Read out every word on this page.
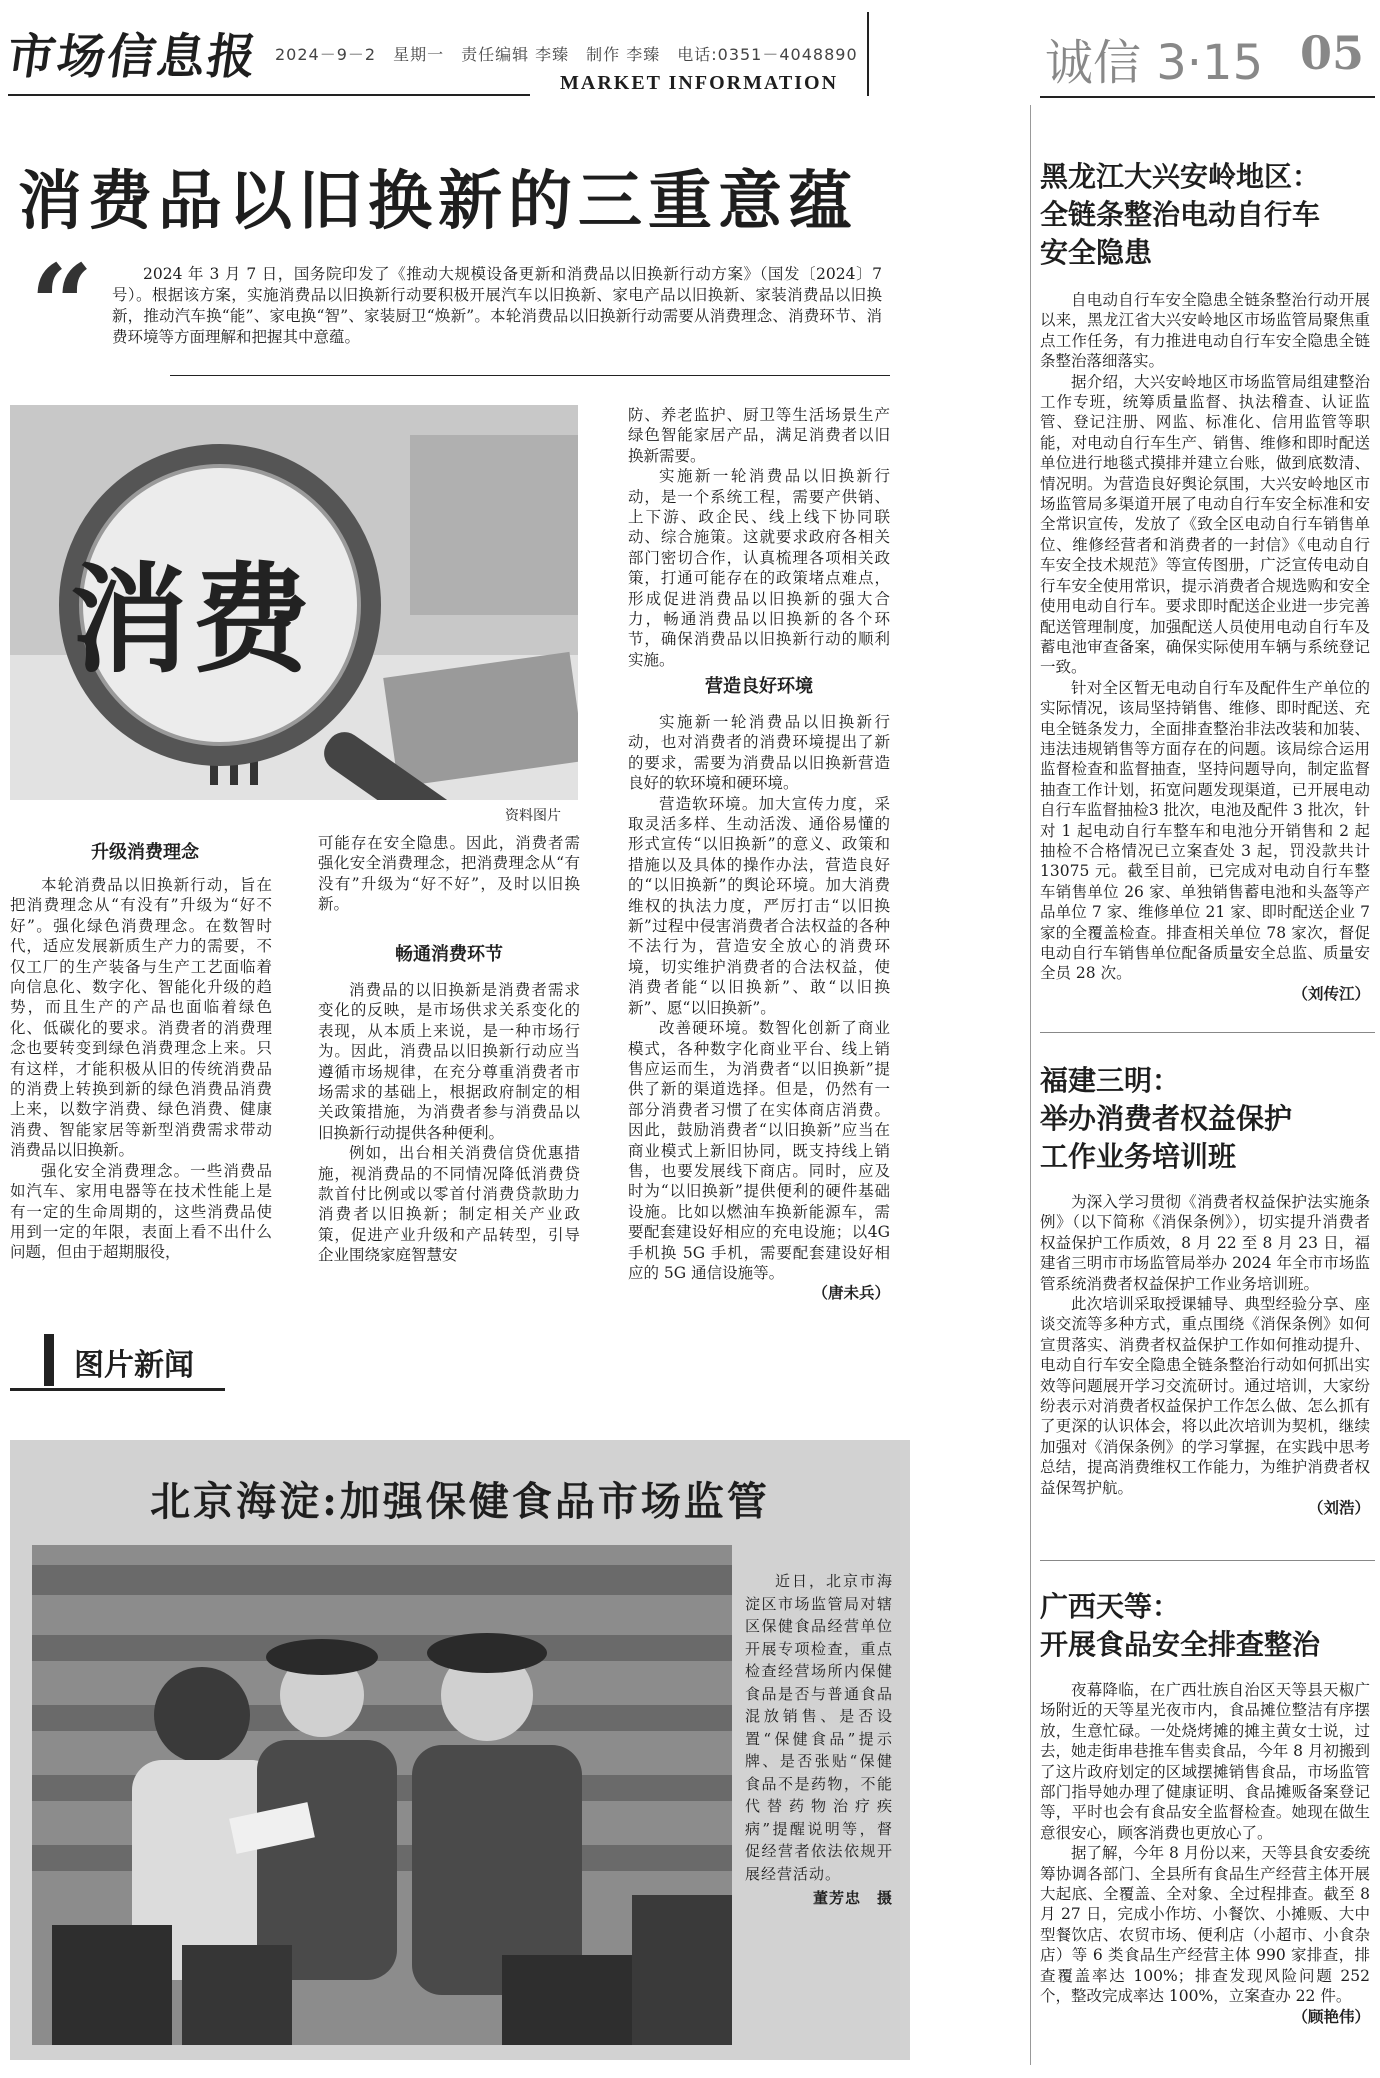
市场信息报 2024－9－2　星期一　责任编辑 李臻　制作 李臻　电话:0351－4048890
MARKET INFORMATION	诚信 3·15 05
消费品以旧换新的三重意蕴
“	2024 年 3 月 7 日，国务院印发了《推动大规模设备更新和消费品以旧换新行动方案》（国发〔2024〕7 号）。根据该方案，实施消费品以旧换新行动要积极开展汽车以旧换新、家电产品以旧换新、家装消费品以旧换新，推动汽车换“能”、家电换“智”、家装厨卫“焕新”。本轮消费品以旧换新行动需要从消费理念、消费环节、消费环境等方面理解和把握其中意蕴。
消费
资料图片
升级消费理念

本轮消费品以旧换新行动，旨在把消费理念从“有没有”升级为“好不好”。强化绿色消费理念。在数智时代，适应发展新质生产力的需要，不仅工厂的生产装备与生产工艺面临着向信息化、数字化、智能化升级的趋势，而且生产的产品也面临着绿色化、低碳化的要求。消费者的消费理念也要转变到绿色消费理念上来。只有这样，才能积极从旧的传统消费品的消费上转换到新的绿色消费品消费上来，以数字消费、绿色消费、健康消费、智能家居等新型消费需求带动消费品以旧换新。

强化安全消费理念。一些消费品如汽车、家用电器等在技术性能上是有一定的生命周期的，这些消费品使用到一定的年限，表面上看不出什么问题，但由于超期服役，

可能存在安全隐患。因此，消费者需强化安全消费理念，把消费理念从“有没有”升级为“好不好”，及时以旧换新。

畅通消费环节

消费品的以旧换新是消费者需求变化的反映，是市场供求关系变化的表现，从本质上来说，是一种市场行为。因此，消费品以旧换新行动应当遵循市场规律，在充分尊重消费者市场需求的基础上，根据政府制定的相关政策措施，为消费者参与消费品以旧换新行动提供各种便利。

例如，出台相关消费信贷优惠措施，视消费品的不同情况降低消费贷款首付比例或以零首付消费贷款助力消费者以旧换新；制定相关产业政策，促进产业升级和产品转型，引导企业围绕家庭智慧安

防、养老监护、厨卫等生活场景生产绿色智能家居产品，满足消费者以旧换新需要。

实施新一轮消费品以旧换新行动，是一个系统工程，需要产供销、上下游、政企民、线上线下协同联动、综合施策。这就要求政府各相关部门密切合作，认真梳理各项相关政策，打通可能存在的政策堵点难点，形成促进消费品以旧换新的强大合力，畅通消费品以旧换新的各个环节，确保消费品以旧换新行动的顺利实施。

营造良好环境

实施新一轮消费品以旧换新行动，也对消费者的消费环境提出了新的要求，需要为消费品以旧换新营造良好的软环境和硬环境。

营造软环境。加大宣传力度，采取灵活多样、生动活泼、通俗易懂的形式宣传“以旧换新”的意义、政策和措施以及具体的操作办法，营造良好的“以旧换新”的舆论环境。加大消费维权的执法力度，严厉打击“以旧换新”过程中侵害消费者合法权益的各种不法行为，营造安全放心的消费环境，切实维护消费者的合法权益，使消费者能“以旧换新”、敢“以旧换新”、愿“以旧换新”。

改善硬环境。数智化创新了商业模式，各种数字化商业平台、线上销售应运而生，为消费者“以旧换新”提供了新的渠道选择。但是，仍然有一部分消费者习惯了在实体商店消费。因此，鼓励消费者“以旧换新”应当在商业模式上新旧协同，既支持线上销售，也要发展线下商店。同时，应及时为“以旧换新”提供便利的硬件基础设施。比如以燃油车换新能源车，需要配套建设好相应的充电设施；以4G 手机换 5G 手机，需要配套建设好相应的 5G 通信设施等。

（唐未兵）
图片新闻
北京海淀:加强保健食品市场监管

近日，北京市海淀区市场监管局对辖区保健食品经营单位开展专项检查，重点检查经营场所内保健食品是否与普通食品混放销售、是否设置“保健食品”提示牌、是否张贴“保健食品不是药物，不能代替药物治疗疾病”提醒说明等，督促经营者依法依规开展经营活动。

董芳忠　摄
黑龙江大兴安岭地区：
全链条整治电动自行车
安全隐患

自电动自行车安全隐患全链条整治行动开展以来，黑龙江省大兴安岭地区市场监管局聚焦重点工作任务，有力推进电动自行车安全隐患全链条整治落细落实。

据介绍，大兴安岭地区市场监管局组建整治工作专班，统筹质量监督、执法稽查、认证监管、登记注册、网监、标准化、信用监管等职能，对电动自行车生产、销售、维修和即时配送单位进行地毯式摸排并建立台账，做到底数清、情况明。为营造良好舆论氛围，大兴安岭地区市场监管局多渠道开展了电动自行车安全标准和安全常识宣传，发放了《致全区电动自行车销售单位、维修经营者和消费者的一封信》《电动自行车安全技术规范》等宣传图册，广泛宣传电动自行车安全使用常识，提示消费者合规选购和安全使用电动自行车。要求即时配送企业进一步完善配送管理制度，加强配送人员使用电动自行车及蓄电池审查备案，确保实际使用车辆与系统登记一致。

针对全区暂无电动自行车及配件生产单位的实际情况，该局坚持销售、维修、即时配送、充电全链条发力，全面排查整治非法改装和加装、违法违规销售等方面存在的问题。该局综合运用监督检查和监督抽查，坚持问题导向，制定监督抽查工作计划，拓宽问题发现渠道，已开展电动自行车监督抽检3 批次，电池及配件 3 批次，针对 1 起电动自行车整车和电池分开销售和 2 起抽检不合格情况已立案查处 3 起，罚没款共计 13075 元。截至目前，已完成对电动自行车整车销售单位 26 家、单独销售蓄电池和头盔等产品单位 7 家、维修单位 21 家、即时配送企业 7 家的全覆盖检查。排查相关单位 78 家次，督促电动自行车销售单位配备质量安全总监、质量安全员 28 次。

（刘传江）
福建三明：
举办消费者权益保护
工作业务培训班

为深入学习贯彻《消费者权益保护法实施条例》（以下简称《消保条例》），切实提升消费者权益保护工作质效，8 月 22 至 8 月 23 日，福建省三明市市场监管局举办 2024 年全市市场监管系统消费者权益保护工作业务培训班。

此次培训采取授课辅导、典型经验分享、座谈交流等多种方式，重点围绕《消保条例》如何宣贯落实、消费者权益保护工作如何推动提升、电动自行车安全隐患全链条整治行动如何抓出实效等问题展开学习交流研讨。通过培训，大家纷纷表示对消费者权益保护工作怎么做、怎么抓有了更深的认识体会，将以此次培训为契机，继续加强对《消保条例》的学习掌握，在实践中思考总结，提高消费维权工作能力，为维护消费者权益保驾护航。

（刘浩）
广西天等：
开展食品安全排查整治

夜幕降临，在广西壮族自治区天等县天椒广场附近的天等星光夜市内，食品摊位整洁有序摆放，生意忙碌。一处烧烤摊的摊主黄女士说，过去，她走街串巷推车售卖食品，今年 8 月初搬到了这片政府划定的区域摆摊销售食品，市场监管部门指导她办理了健康证明、食品摊贩备案登记等，平时也会有食品安全监督检查。她现在做生意很安心，顾客消费也更放心了。

据了解，今年 8 月份以来，天等县食安委统筹协调各部门、全县所有食品生产经营主体开展大起底、全覆盖、全对象、全过程排查。截至 8 月 27 日，完成小作坊、小餐饮、小摊贩、大中型餐饮店、农贸市场、便利店（小超市、小食杂店）等 6 类食品生产经营主体 990 家排查，排查覆盖率达 100%；排查发现风险问题 252 个，整改完成率达 100%，立案查办 22 件。

（顾艳伟）
